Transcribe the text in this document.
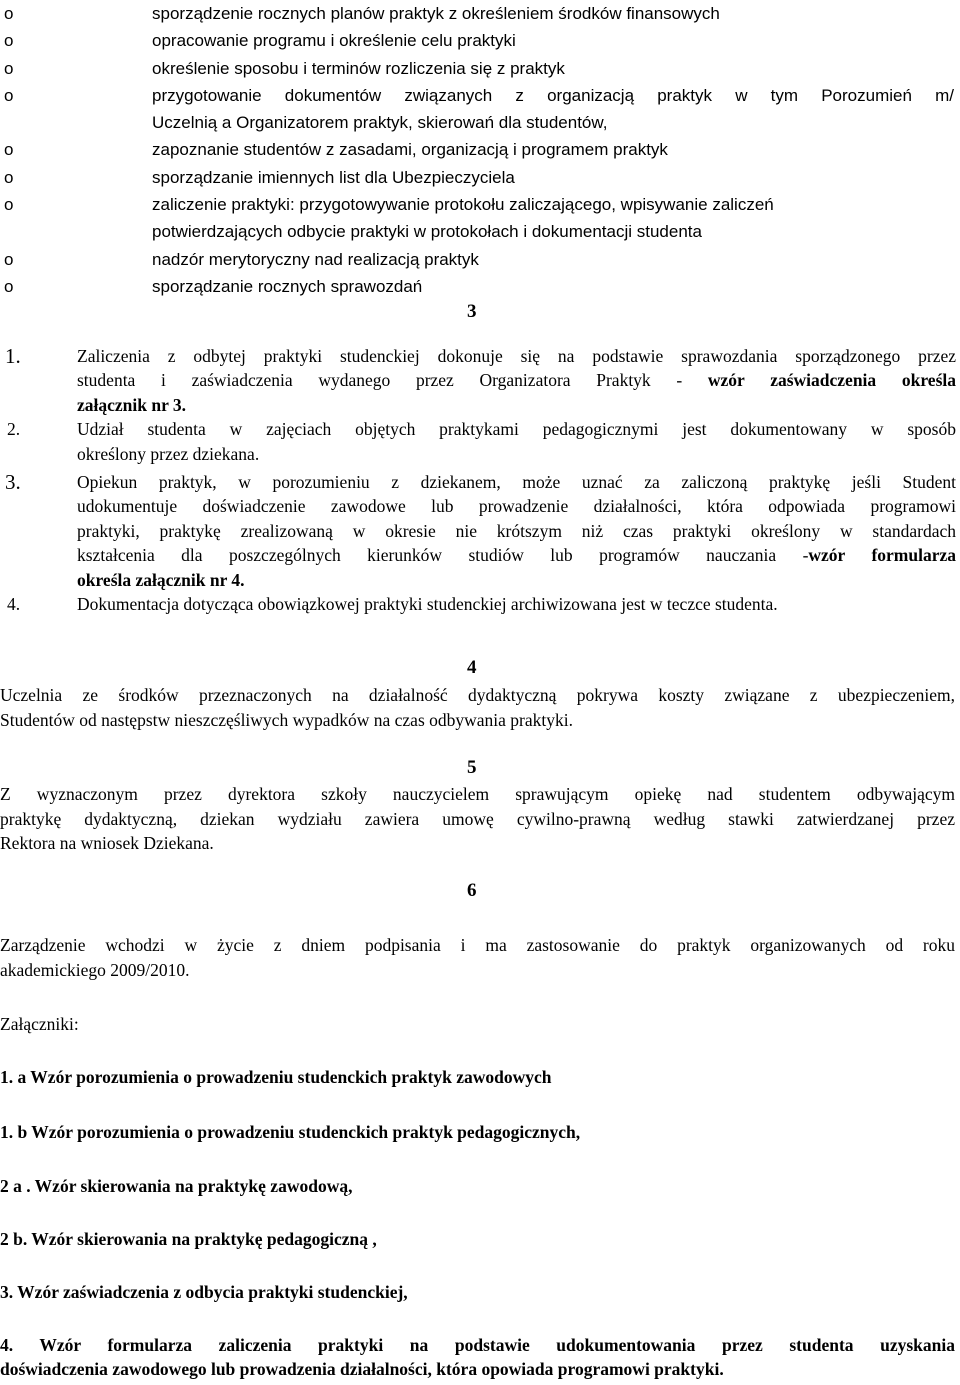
o	sporządzenie rocznych planów praktyk z określeniem środków finansowych
o	opracowanie programu i określenie celu praktyki
o	określenie sposobu i terminów rozliczenia się z praktyk
o	przygotowanie dokumentów związanych z organizacją praktyk w tym Porozumień m/
Uczelnią a Organizatorem praktyk, skierowań dla studentów,
o	zapoznanie studentów z zasadami, organizacją i programem praktyk
o	sporządzanie imiennych list dla Ubezpieczyciela
o	zaliczenie praktyki: przygotowywanie protokołu zaliczającego, wpisywanie zaliczeń
potwierdzających odbycie praktyki w protokołach i dokumentacji studenta
o	nadzór merytoryczny nad realizacją praktyk
o	sporządzanie rocznych sprawozdań
3
1.	Zaliczenia z odbytej praktyki studenckiej dokonuje się na podstawie sprawozdania sporządzonego przez
studenta i zaświadczenia wydanego przez Organizatora Praktyk - wzór zaświadczenia określa
załącznik nr 3.
2.	Udział studenta w zajęciach objętych praktykami pedagogicznymi jest dokumentowany w sposób
określony przez dziekana.
3.	Opiekun praktyk, w porozumieniu z dziekanem, może uznać za zaliczoną praktykę jeśli Student
udokumentuje doświadczenie zawodowe lub prowadzenie działalności, która odpowiada programowi
praktyki, praktykę zrealizowaną w okresie nie krótszym niż czas praktyki określony w standardach
kształcenia dla poszczególnych kierunków studiów lub programów nauczania -wzór formularza
określa załącznik nr 4.
4.	Dokumentacja dotycząca obowiązkowej praktyki studenckiej archiwizowana jest w teczce studenta.
4
Uczelnia ze środków przeznaczonych na działalność dydaktyczną pokrywa koszty związane z ubezpieczeniem,
Studentów od następstw nieszczęśliwych wypadków na czas odbywania praktyki.
5
Z wyznaczonym przez dyrektora szkoły nauczycielem sprawującym opiekę nad studentem odbywającym
praktykę dydaktyczną, dziekan wydziału zawiera umowę cywilno-prawną według stawki zatwierdzanej przez
Rektora na wniosek Dziekana.
6
Zarządzenie wchodzi w życie z dniem podpisania i ma zastosowanie do praktyk organizowanych od roku
akademickiego 2009/2010.
Załączniki:
1. a Wzór porozumienia o prowadzeniu studenckich praktyk zawodowych
1. b Wzór porozumienia o prowadzeniu studenckich praktyk pedagogicznych,
2 a . Wzór skierowania na praktykę zawodową,
2 b. Wzór skierowania na praktykę pedagogiczną ,
3. Wzór zaświadczenia z odbycia praktyki studenckiej,
4. Wzór formularza zaliczenia praktyki na podstawie udokumentowania przez studenta uzyskania
doświadczenia zawodowego lub prowadzenia działalności, która opowiada programowi praktyki.
